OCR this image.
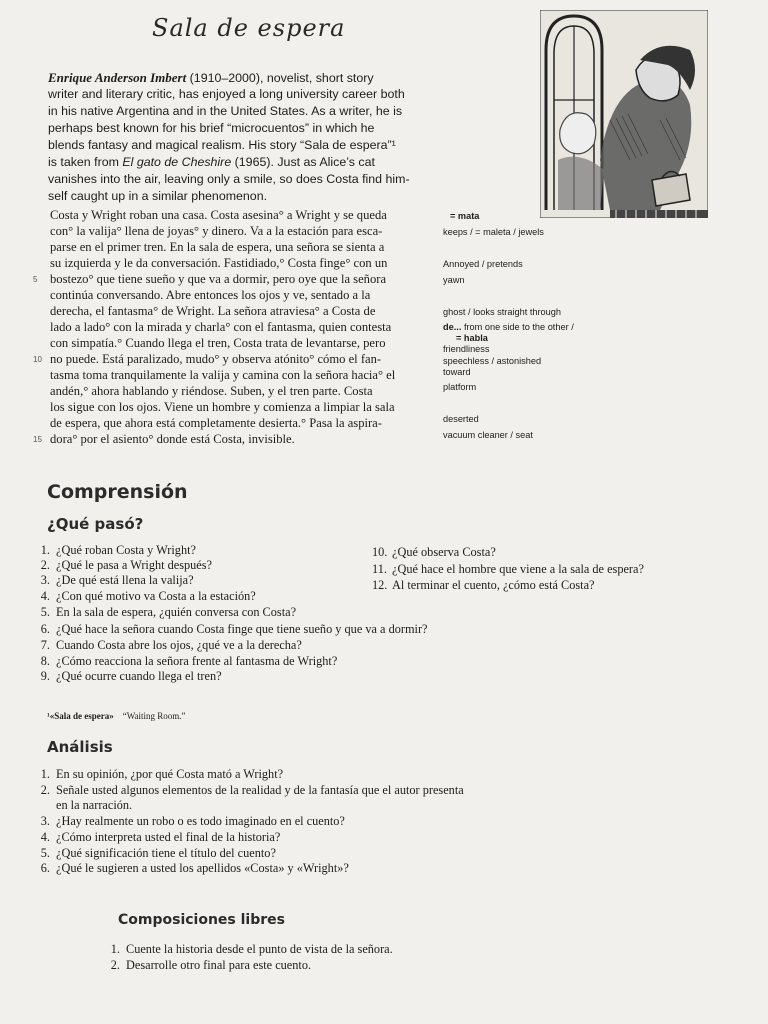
Sala de espera
Enrique Anderson Imbert (1910–2000), novelist, short story
writer and literary critic, has enjoyed a long university career both
in his native Argentina and in the United States. As a writer, he is
perhaps best known for his brief “microcuentos” in which he
blends fantasy and magical realism. His story “Sala de espera”¹
is taken from El gato de Cheshire (1965). Just as Alice’s cat
vanishes into the air, leaving only a smile, so does Costa find him-
self caught up in a similar phenomenon.
Costa y Wright roban una casa. Costa asesina° a Wright y se queda
con° la valija° llena de joyas° y dinero. Va a la estación para esca-
parse en el primer tren. En la sala de espera, una señora se sienta a
su izquierda y le da conversación. Fastidiado,° Costa finge° con un
bostezo° que tiene sueño y que va a dormir, pero oye que la señora
continúa conversando. Abre entonces los ojos y ve, sentado a la
derecha, el fantasma° de Wright. La señora atraviesa° a Costa de
lado a lado° con la mirada y charla° con el fantasma, quien contesta
con simpatía.° Cuando llega el tren, Costa trata de levantarse, pero
no puede. Está paralizado, mudo° y observa atónito° cómo el fan-
tasma toma tranquilamente la valija y camina con la señora hacia° el
andén,° ahora hablando y riéndose. Suben, y el tren parte. Costa
los sigue con los ojos. Viene un hombre y comienza a limpiar la sala
de espera, que ahora está completamente desierta.° Pasa la aspira-
dora° por el asiento° donde está Costa, invisible.
5
10
15
= mata
keeps / = maleta / jewels
Annoyed / pretends
yawn
ghost / looks straight through
de... from one side to the other /
= habla
friendliness
speechless / astonished
toward
platform
deserted
vacuum cleaner / seat
Comprensión
¿Qué pasó?
1. ¿Qué roban Costa y Wright?
2. ¿Qué le pasa a Wright después?
3. ¿De qué está llena la valija?
4. ¿Con qué motivo va Costa a la estación?
5. En la sala de espera, ¿quién conversa con Costa?
6. ¿Qué hace la señora cuando Costa finge que tiene sueño y que va a dormir?
7. Cuando Costa abre los ojos, ¿qué ve a la derecha?
8. ¿Cómo reacciona la señora frente al fantasma de Wright?
9. ¿Qué ocurre cuando llega el tren?
10. ¿Qué observa Costa?
11. ¿Qué hace el hombre que viene a la sala de espera?
12. Al terminar el cuento, ¿cómo está Costa?
¹«Sala de espera» “Waiting Room.”
Análisis
1. En su opinión, ¿por qué Costa mató a Wright?
2. Señale usted algunos elementos de la realidad y de la fantasía que el autor presenta
en la narración.
3. ¿Hay realmente un robo o es todo imaginado en el cuento?
4. ¿Cómo interpreta usted el final de la historia?
5. ¿Qué significación tiene el título del cuento?
6. ¿Qué le sugieren a usted los apellidos «Costa» y «Wright»?
Composiciones libres
1. Cuente la historia desde el punto de vista de la señora.
2. Desarrolle otro final para este cuento.
